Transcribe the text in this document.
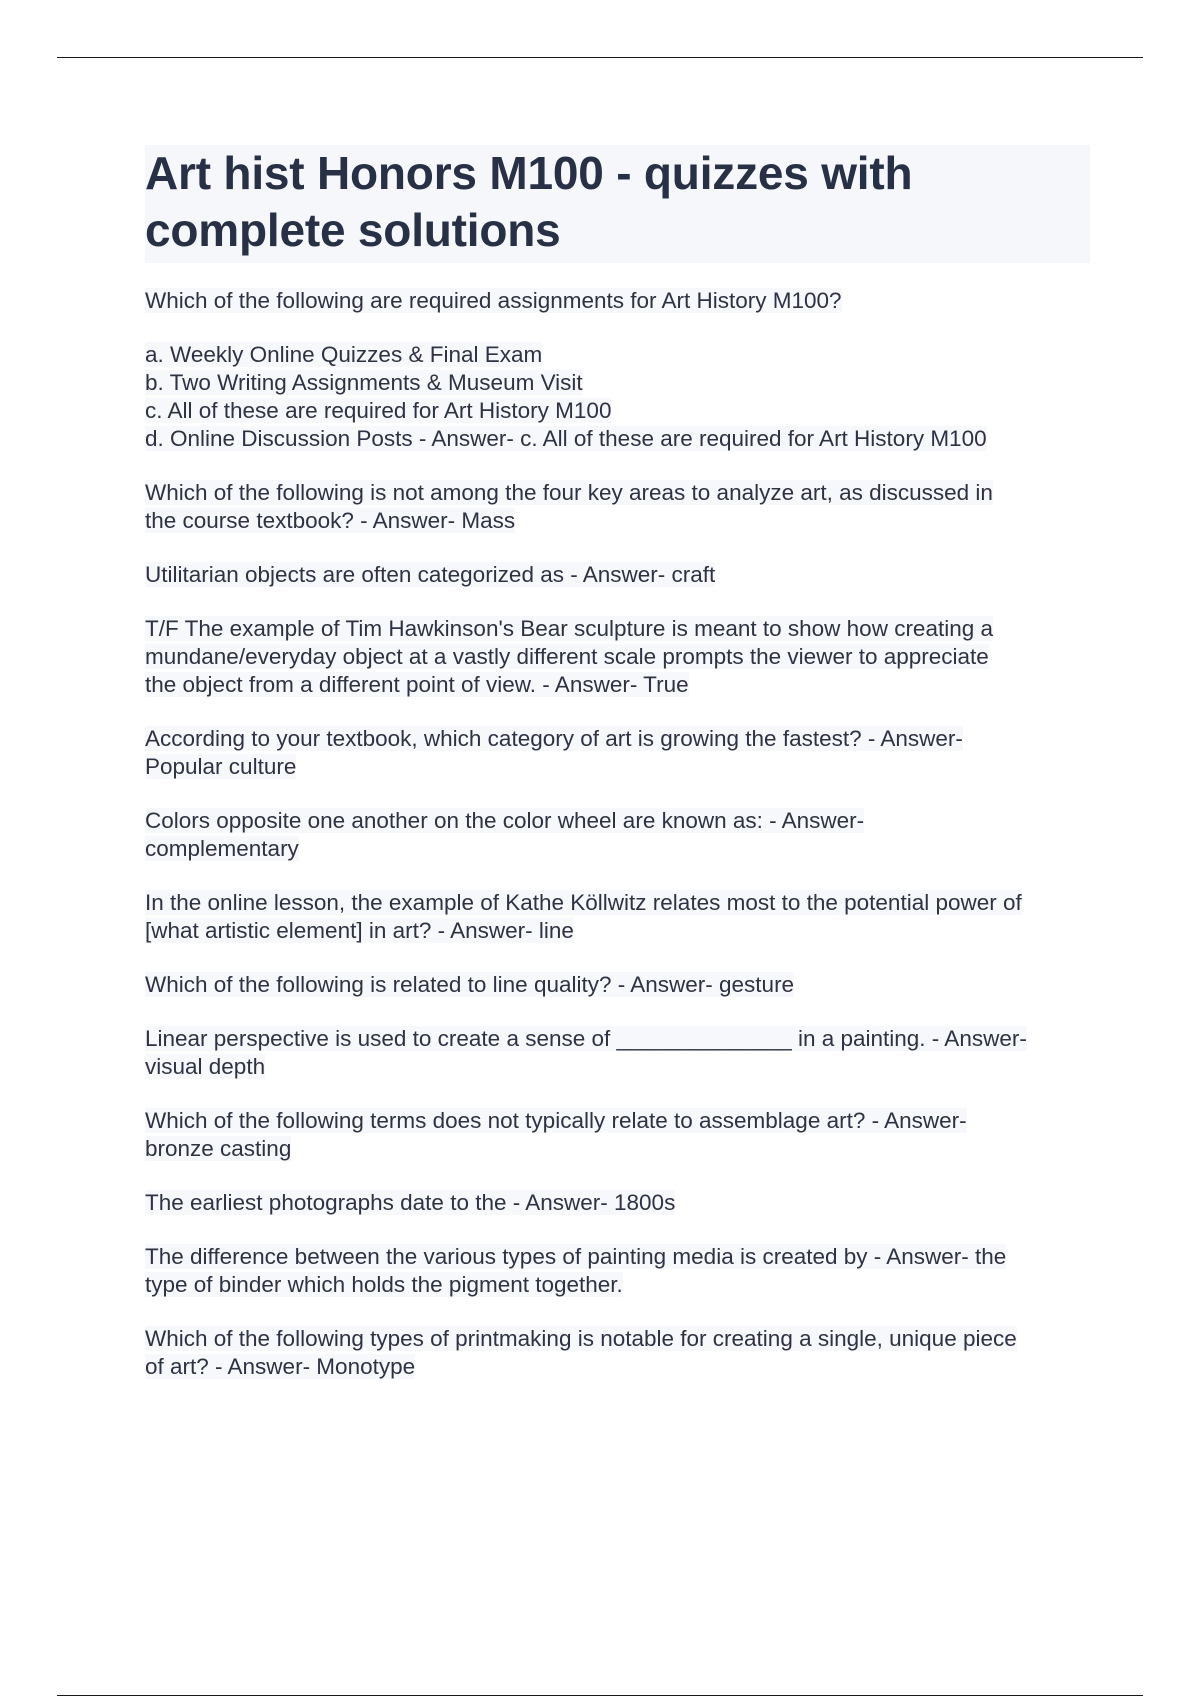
Art hist Honors M100 - quizzes with
complete solutions
Which of the following are required assignments for Art History M100?
a. Weekly Online Quizzes & Final Exam
b. Two Writing Assignments & Museum Visit
c. All of these are required for Art History M100
d. Online Discussion Posts - Answer- c. All of these are required for Art History M100
Which of the following is not among the four key areas to analyze art, as discussed in
the course textbook? - Answer- Mass
Utilitarian objects are often categorized as - Answer- craft
T/F The example of Tim Hawkinson's Bear sculpture is meant to show how creating a
mundane/everyday object at a vastly different scale prompts the viewer to appreciate
the object from a different point of view. - Answer- True
According to your textbook, which category of art is growing the fastest? - Answer-
Popular culture
Colors opposite one another on the color wheel are known as: - Answer-
complementary
In the online lesson, the example of Kathe Köllwitz relates most to the potential power of
[what artistic element] in art? - Answer- line
Which of the following is related to line quality? - Answer- gesture
Linear perspective is used to create a sense of ______________ in a painting. - Answer-
visual depth
Which of the following terms does not typically relate to assemblage art? - Answer-
bronze casting
The earliest photographs date to the - Answer- 1800s
The difference between the various types of painting media is created by - Answer- the
type of binder which holds the pigment together.
Which of the following types of printmaking is notable for creating a single, unique piece
of art? - Answer- Monotype
